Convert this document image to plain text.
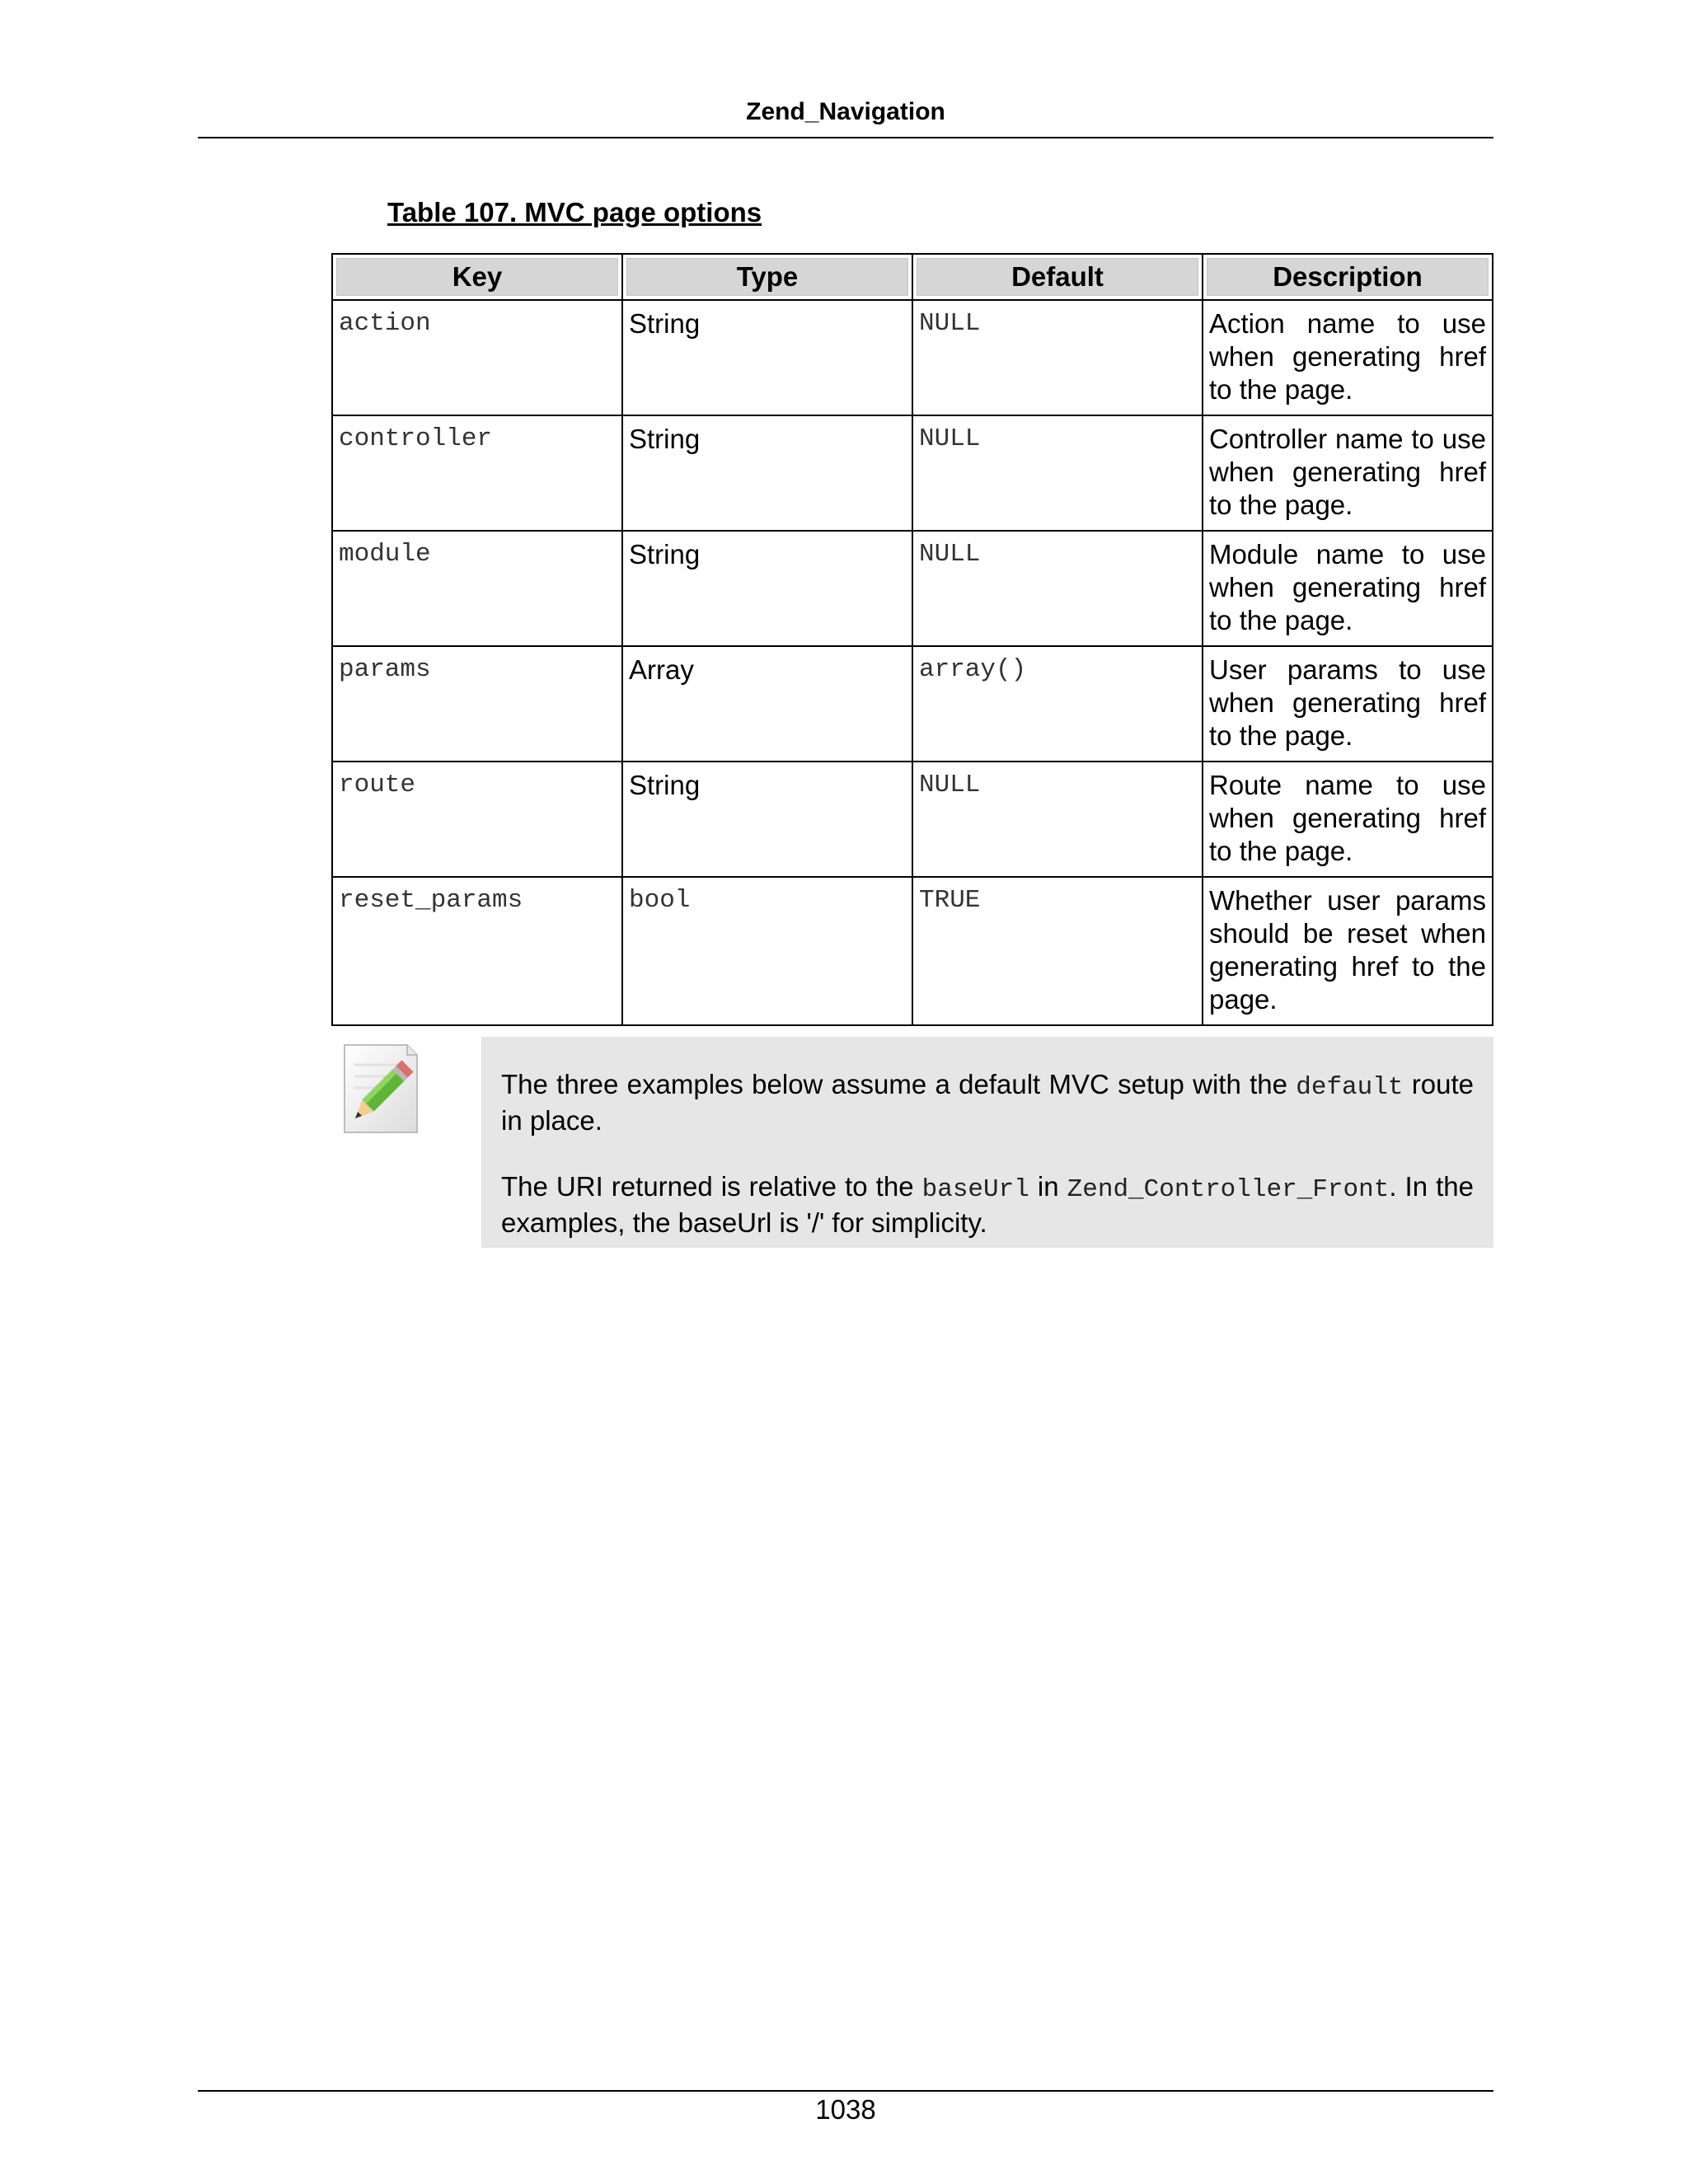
Zend_Navigation
Table 107. MVC page options
Key	Type	Default	Description

action	String	NULL	Action name to use when generating href to the page.
controller	String	NULL	Controller name to use when generating href to the page.
module	String	NULL	Module name to use when generating href to the page.
params	Array	array()	User params to use when generating href to the page.
route	String	NULL	Route name to use when generating href to the page.
reset_params	bool	TRUE	Whether user params should be reset when generating href to the page.

The three examples below assume a default MVC setup with the default route in place.

The URI returned is relative to the baseUrl in Zend_Controller_Front. In the examples, the baseUrl is '/' for simplicity.

1038
